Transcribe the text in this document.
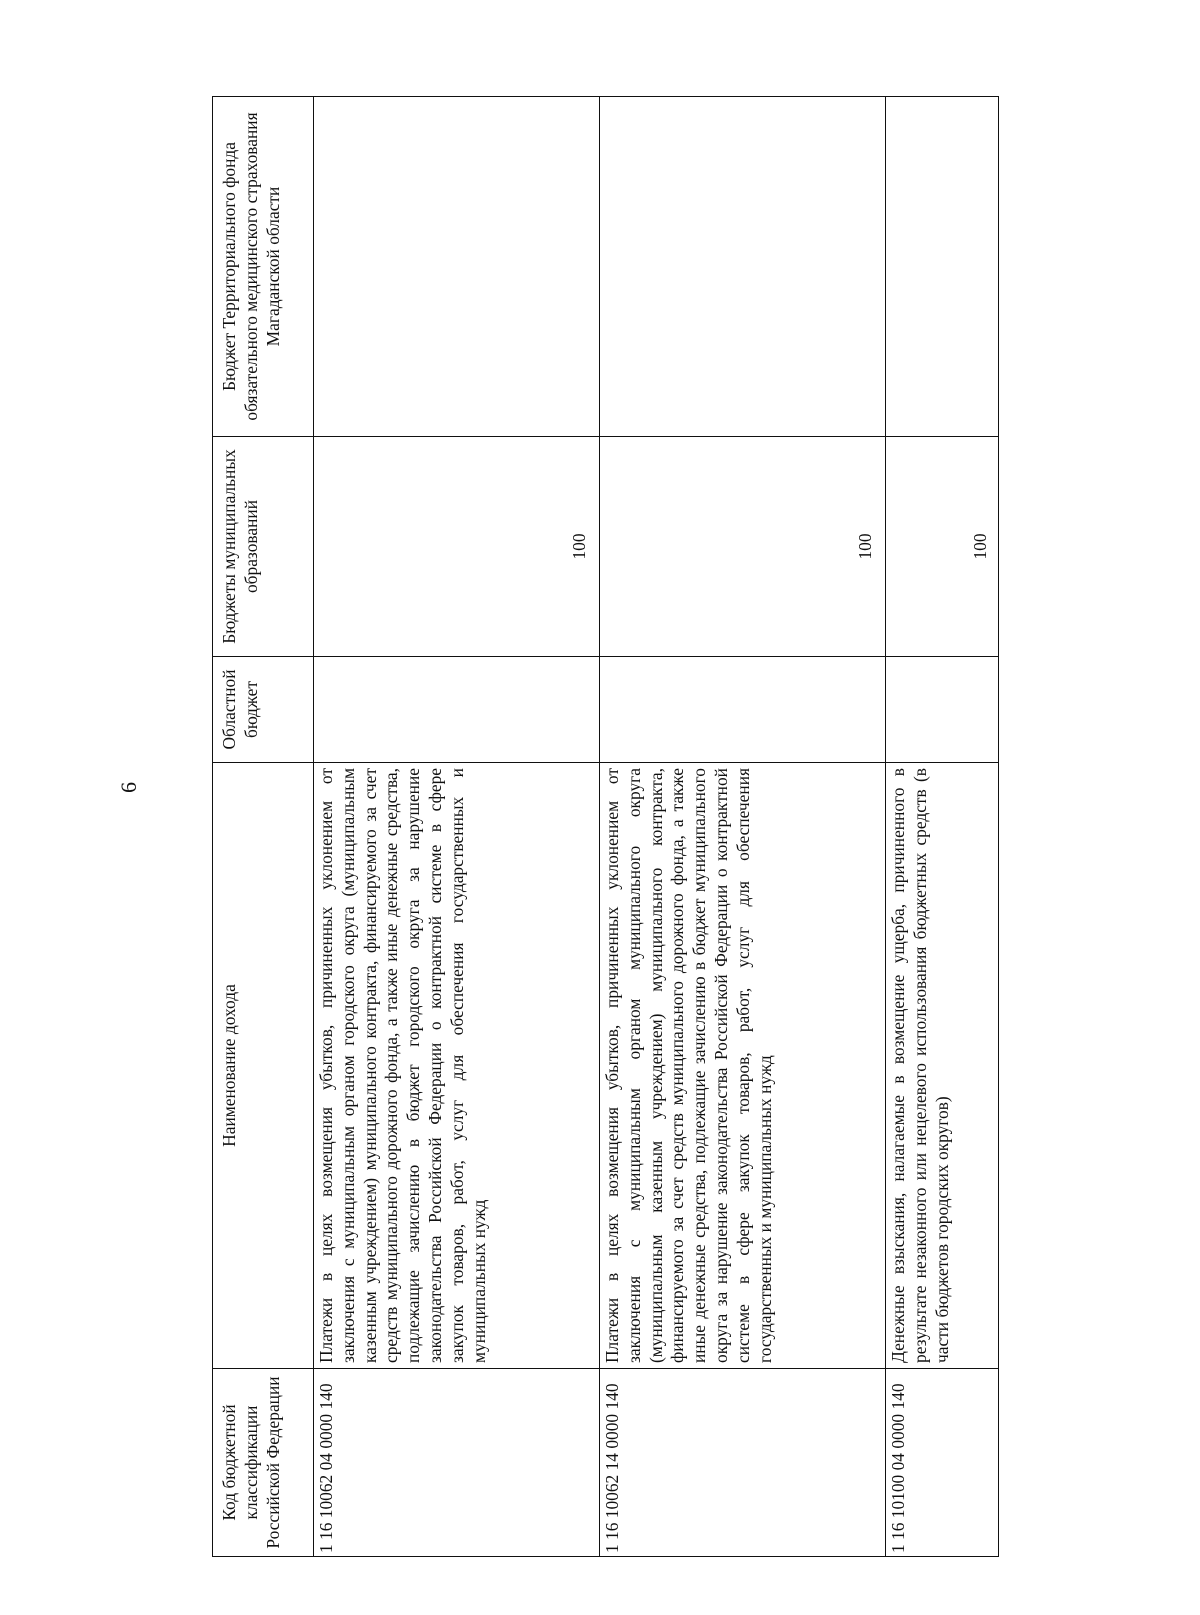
6
Код бюджетной классификации Российской Федерации	Наименование дохода	Областной бюджет	Бюджеты муниципальных образований	Бюджет Территориального фонда обязательного медицинского страхования Магаданской области
1 16 10062 04 0000 140	Платежи в целях возмещения убытков, причиненных уклонением от заключения с муниципальным органом городского округа (муниципальным казенным учреждением) муниципального контракта, финансируемого за счет средств муниципального дорожного фонда, а также иные денежные средства, подлежащие зачислению в бюджет городского округа за нарушение законодательства Российской Федерации о контрактной системе в сфере закупок товаров, работ, услуг для обеспечения государственных и муниципальных нужд		100	
1 16 10062 14 0000 140	Платежи в целях возмещения убытков, причиненных уклонением от заключения с муниципальным органом муниципального округа (муниципальным казенным учреждением) муниципального контракта, финансируемого за счет средств муниципального дорожного фонда, а также иные денежные средства, подлежащие зачислению в бюджет муниципального округа за нарушение законодательства Российской Федерации о контрактной системе в сфере закупок товаров, работ, услуг для обеспечения государственных и муниципальных нужд		100	
1 16 10100 04 0000 140	Денежные взыскания, налагаемые в возмещение ущерба, причиненного в результате незаконного или нецелевого использования бюджетных средств (в части бюджетов городских округов)		100	
